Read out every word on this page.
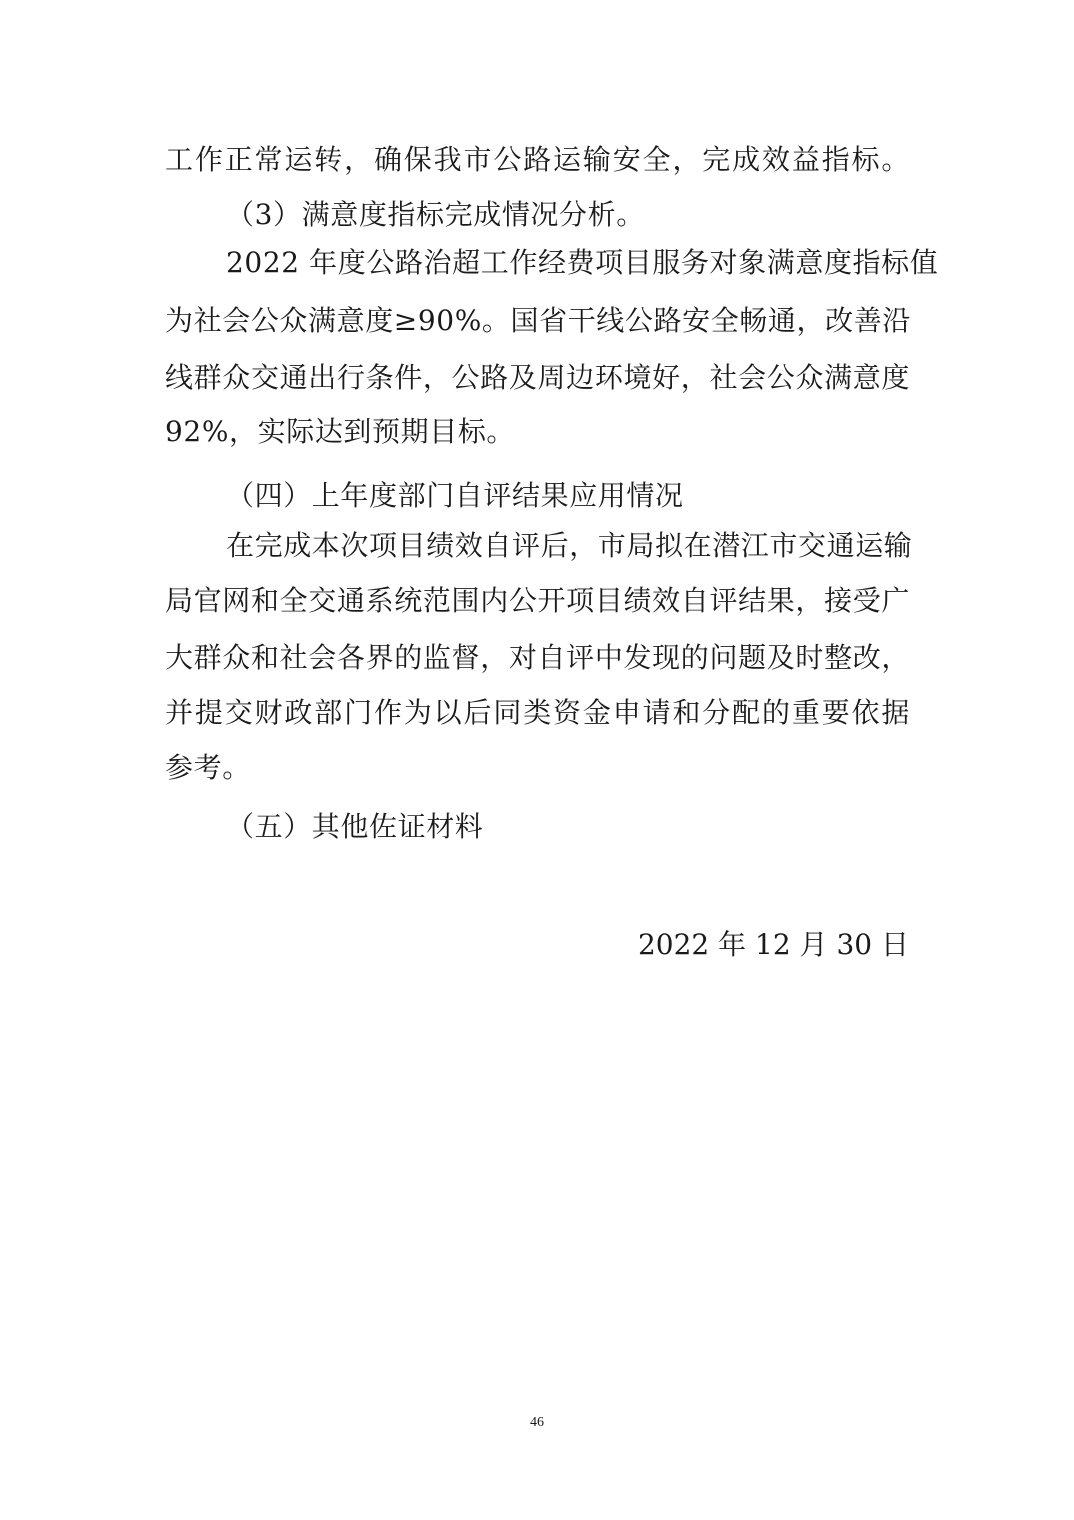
工作正常运转，确保我市公路运输安全，完成效益指标。
（3）满意度指标完成情况分析。
2022 年度公路治超工作经费项目服务对象满意度指标值
为社会公众满意度≥90%。国省干线公路安全畅通，改善沿
线群众交通出行条件，公路及周边环境好，社会公众满意度
92%，实际达到预期目标。
（四）上年度部门自评结果应用情况
在完成本次项目绩效自评后，市局拟在潜江市交通运输
局官网和全交通系统范围内公开项目绩效自评结果，接受广
大群众和社会各界的监督，对自评中发现的问题及时整改，
并提交财政部门作为以后同类资金申请和分配的重要依据
参考。
（五）其他佐证材料
2022 年 12 月 30 日
46
